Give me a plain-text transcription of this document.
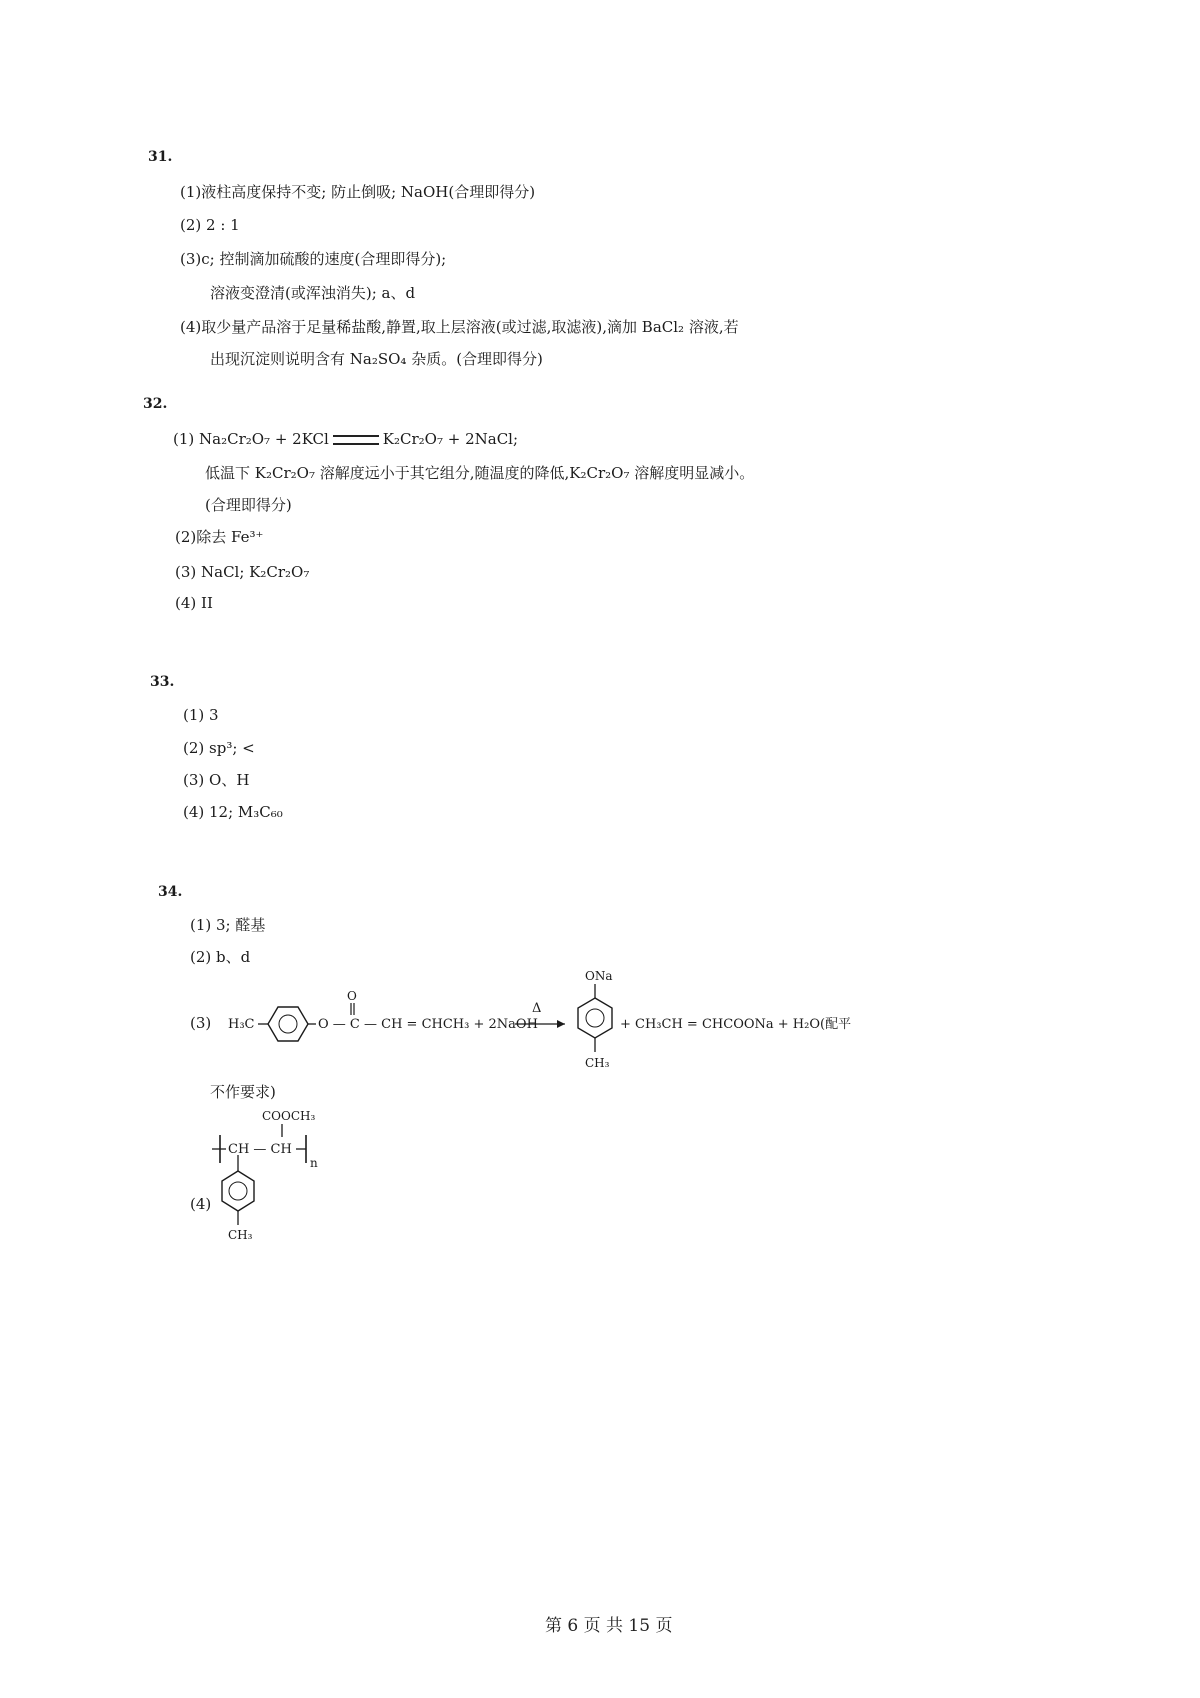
31.
(1)液柱高度保持不变; 防止倒吸; NaOH(合理即得分)
(2) 2 : 1
(3)c; 控制滴加硫酸的速度(合理即得分);
溶液变澄清(或浑浊消失); a、d
(4)取少量产品溶于足量稀盐酸,静置,取上层溶液(或过滤,取滤液),滴加 BaCl₂ 溶液,若
出现沉淀则说明含有 Na₂SO₄ 杂质。(合理即得分)
32.
(1) Na₂Cr₂O₇ + 2KCl	K₂Cr₂O₇ + 2NaCl;
低温下 K₂Cr₂O₇ 溶解度远小于其它组分,随温度的降低,K₂Cr₂O₇ 溶解度明显减小。
(合理即得分)
(2)除去 Fe³⁺
(3) NaCl; K₂Cr₂O₇
(4) II
33.
(1) 3
(2) sp³; <
(3) O、H
(4) 12; M₃C₆₀
34.
(1) 3; 醛基
(2) b、d
(3) H₃C	O — C — CH = CHCH₃ + 2NaOH
O
Δ
ONa
CH₃
+ CH₃CH = CHCOONa + H₂O(配平
不作要求)
(4)
COOCH₃
CH — CH
n
CH₃
第 6 页 共 15 页
